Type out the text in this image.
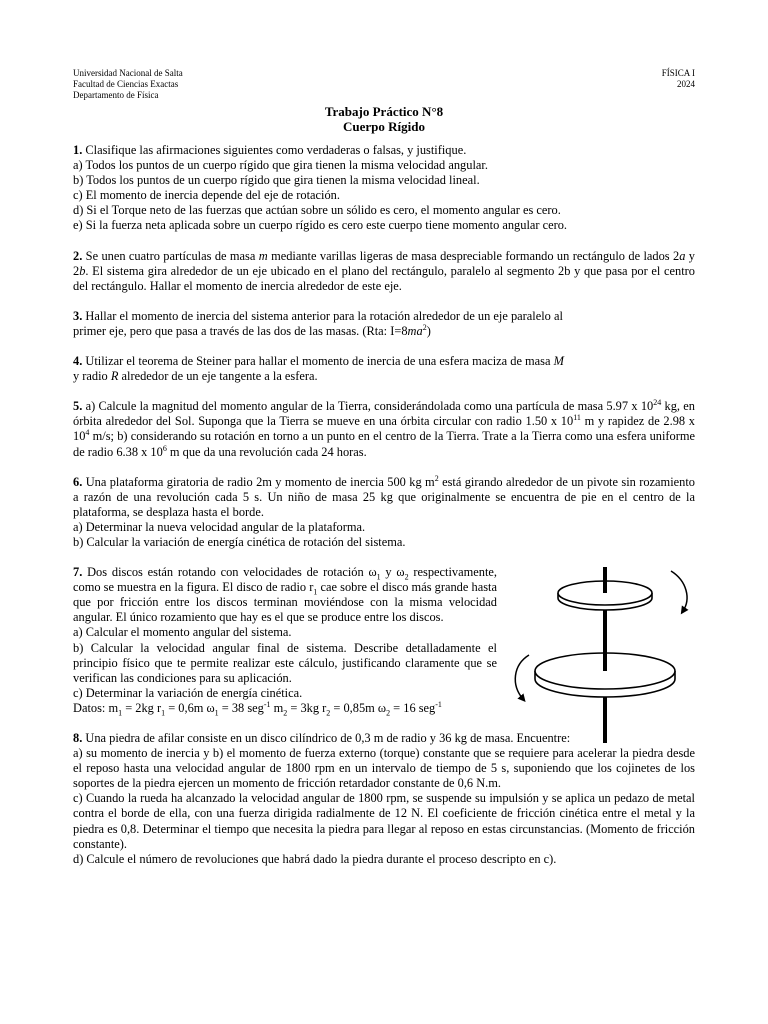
Universidad Nacional de Salta
Facultad de Ciencias Exactas
Departamento de Física
FÍSICA I
2024
Trabajo Práctico N°8
Cuerpo Rígido

1. Clasifique las afirmaciones siguientes como verdaderas o falsas, y justifique.

a) Todos los puntos de un cuerpo rígido que gira tienen la misma velocidad angular.

b) Todos los puntos de un cuerpo rígido que gira tienen la misma velocidad lineal.

c) El momento de inercia depende del eje de rotación.

d) Si el Torque neto de las fuerzas que actúan sobre un sólido es cero, el momento angular es cero.

e) Si la fuerza neta aplicada sobre un cuerpo rígido es cero este cuerpo tiene momento angular cero.

2. Se unen cuatro partículas de masa m mediante varillas ligeras de masa despreciable formando un rectángulo de lados 2a y 2b. El sistema gira alrededor de un eje ubicado en el plano del rectángulo, paralelo al segmento 2b y que pasa por el centro del rectángulo. Hallar el momento de inercia alrededor de este eje.

3. Hallar el momento de inercia del sistema anterior para la rotación alrededor de un eje paralelo al

primer eje, pero que pasa a través de las dos de las masas. (Rta: $I=8ma^2$)

4. Utilizar el teorema de Steiner para hallar el momento de inercia de una esfera maciza de masa M

y radio R alrededor de un eje tangente a la esfera.

5. a) Calcule la magnitud del momento angular de la Tierra, considerándolada como una partícula de masa 5.97 x $10^{24}$ kg, en órbita alrededor del Sol. Suponga que la Tierra se mueve en una órbita circular con radio 1.50 x $10^{11}$ m y rapidez de 2.98 x $10^4$ m/s; b) considerando su rotación en torno a un punto en el centro de la Tierra. Trate a la Tierra como una esfera uniforme de radio 6.38 x $10^6$ m que da una revolución cada 24 horas.

6. Una plataforma giratoria de radio 2m y momento de inercia 500 kg $m^2$ está girando alrededor de un pivote sin rozamiento a razón de una revolución cada 5 s. Un niño de masa 25 kg que originalmente se encuentra de pie en el centro de la plataforma, se desplaza hasta el borde.

a) Determinar la nueva velocidad angular de la plataforma.

b) Calcular la variación de energía cinética de rotación del sistema.

7. Dos discos están rotando con velocidades de rotación $\omega_1$ y $\omega_2$ respectivamente, como se muestra en la figura. El disco de radio $r_1$ cae sobre el disco más grande hasta que por fricción entre los discos terminan moviéndose con la misma velocidad angular. El único rozamiento que hay es el que se produce entre los discos.

a) Calcular el momento angular del sistema.

b) Calcular la velocidad angular final de sistema. Describe detalladamente el principio físico que te permite realizar este cálculo, justificando claramente que se verifican las condiciones para su aplicación.

c) Determinar la variación de energía cinética.

Datos: $m_1 = 2kg$ $r_1 = 0,6m$ $\omega_1 = 38$ seg$^{-1}$ $m_2 = 3kg$ $r_2 = 0,85m$ $\omega_2 = 16$ seg$^{-1}$

8. Una piedra de afilar consiste en un disco cilíndrico de 0,3 m de radio y 36 kg de masa. Encuentre:

a) su momento de inercia y b) el momento de fuerza externo (torque) constante que se requiere para acelerar la piedra desde el reposo hasta una velocidad angular de 1800 rpm en un intervalo de tiempo de 5 s, suponiendo que los cojinetes de los soportes de la piedra ejercen un momento de fricción retardador constante de 0,6 N.m.

c) Cuando la rueda ha alcanzado la velocidad angular de 1800 rpm, se suspende su impulsión y se aplica un pedazo de metal contra el borde de ella, con una fuerza dirigida radialmente de 12 N. El coeficiente de fricción cinética entre el metal y la piedra es 0,8. Determinar el tiempo que necesita la piedra para llegar al reposo en estas circunstancias. (Momento de fricción constante).

d) Calcule el número de revoluciones que habrá dado la piedra durante el proceso descripto en c).
